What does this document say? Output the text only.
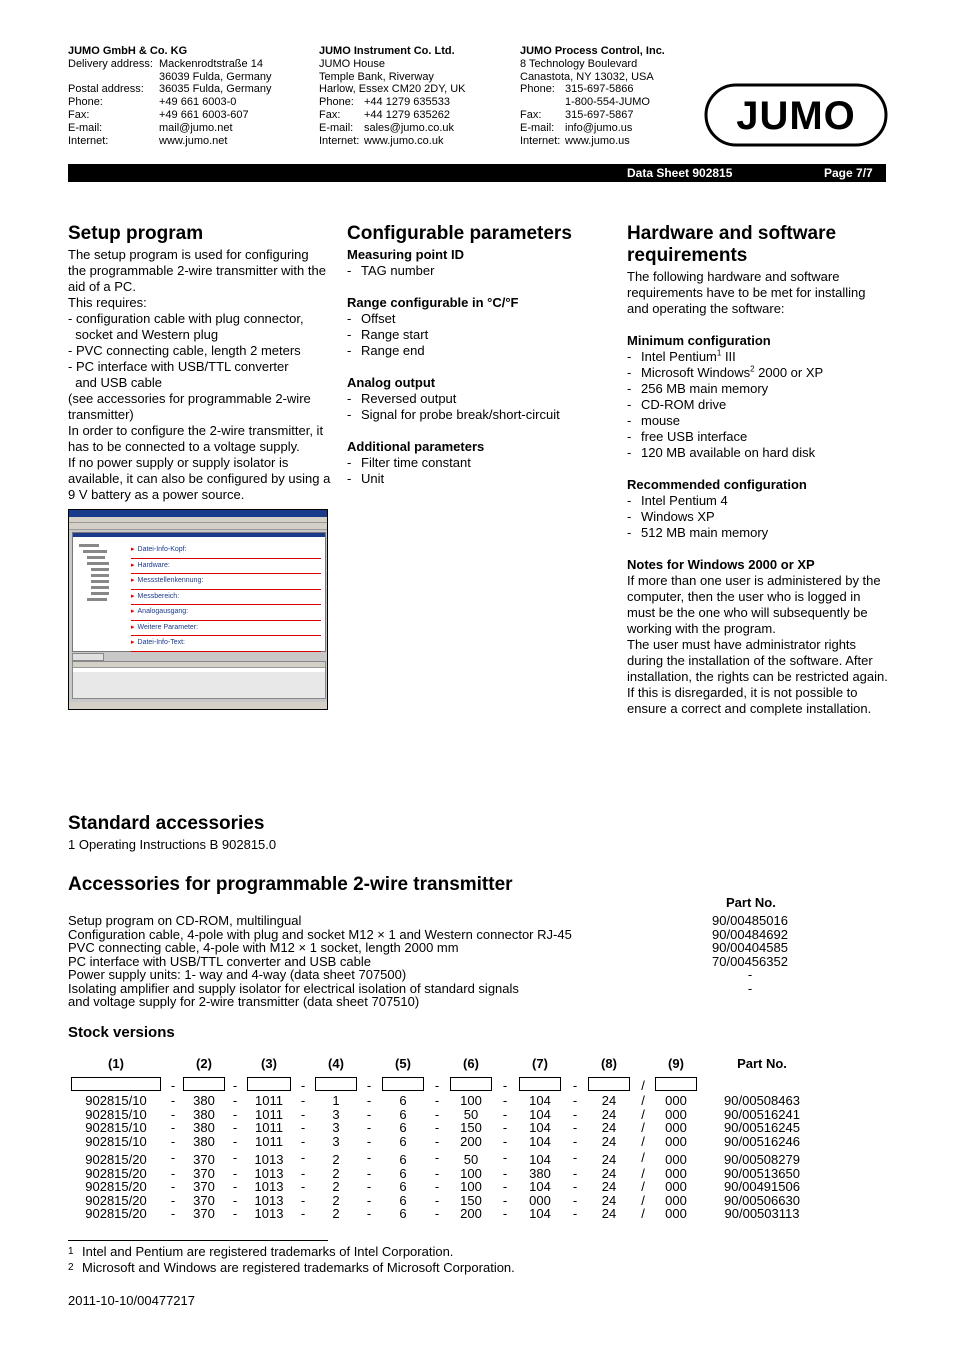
JUMO GmbH & Co. KG
Delivery address: Mackenrodtstraße 14
36039 Fulda, Germany
Postal address:	36035 Fulda, Germany
Phone:	+49 661 6003-0
Fax:	+49 661 6003-607
E-mail:	mail@jumo.net
Internet:	www.jumo.net
JUMO Instrument Co. Ltd.
JUMO House
Temple Bank, Riverway
Harlow, Essex CM20 2DY, UK
Phone: +44 1279 635533
Fax:	+44 1279 635262
E-mail: sales@jumo.co.uk
Internet: www.jumo.co.uk
JUMO Process Control, Inc.
8 Technology Boulevard
Canastota, NY 13032, USA
Phone: 315-697-5866
1-800-554-JUMO
Fax:	315-697-5867
E-mail: info@jumo.us
Internet: www.jumo.us
JUMO
Data Sheet 902815	Page 7/7
Setup program
The setup program is used for configuring
the programmable 2-wire transmitter with the
aid of a PC.
This requires:
- configuration cable with plug connector,
socket and Western plug
- PVC connecting cable, length 2 meters
- PC interface with USB/TTL converter
and USB cable
(see accessories for programmable 2-wire
transmitter)
In order to configure the 2-wire transmitter, it
has to be connected to a voltage supply.
If no power supply or supply isolator is
available, it can also be configured by using a
9 V battery as a power source.
▸ Datei-Info-Kopf:
▸ Hardware:
▸ Messstellenkennung:
▸ Messbereich:
▸ Analogausgang:
▸ Weitere Parameter:
▸ Datei-Info-Text:
Configurable parameters
Measuring point ID
- TAG number
Range configurable in °C/°F
- Offset
- Range start
- Range end
Analog output
- Reversed output
- Signal for probe break/short-circuit
Additional parameters
- Filter time constant
- Unit
Hardware and software
requirements
The following hardware and software
requirements have to be met for installing
and operating the software:
Minimum configuration
- Intel Pentium$^1$ III
- Microsoft Windows$^2$ 2000 or XP
- 256 MB main memory
- CD-ROM drive
- mouse
- free USB interface
- 120 MB available on hard disk
Recommended configuration
- Intel Pentium 4
- Windows XP
- 512 MB main memory
Notes for Windows 2000 or XP
If more than one user is administered by the
computer, then the user who is logged in
must be the one who will subsequently be
working with the program.
The user must have administrator rights
during the installation of the software. After
installation, the rights can be restricted again.
If this is disregarded, it is not possible to
ensure a correct and complete installation.
Standard accessories
1 Operating Instructions B 902815.0
Accessories for programmable 2-wire transmitter
Part No.
Setup program on CD-ROM, multilingual	90/00485016
Configuration cable, 4-pole with plug and socket M12 × 1 and Western connector RJ-45	90/00484692
PVC connecting cable, 4-pole with M12 × 1 socket, length 2000 mm	90/00404585
PC interface with USB/TTL converter and USB cable	70/00456352
Power supply units: 1- way and 4-way (data sheet 707500)	-
Isolating amplifier and supply isolator for electrical isolation of standard signals	-
and voltage supply for 2-wire transmitter (data sheet 707510)	
Stock versions
(1)		(2)		(3)		(4)		(5)		(6)		(7)		(8)		(9)		Part No.
	-		-		-		-		-		-		-		/			
902815/10	-	380	-	1011	-	1	-	6	-	100	-	104	-	24	/	000		90/00508463
902815/10	-	380	-	1011	-	3	-	6	-	50	-	104	-	24	/	000		90/00516241
902815/10	-	380	-	1011	-	3	-	6	-	150	-	104	-	24	/	000		90/00516245
902815/10	-	380	-	1011	-	3	-	6	-	200	-	104	-	24	/	000		90/00516246
902815/20	-	370	-	1013	-	2	-	6	-	50	-	104	-	24	/	000		90/00508279
902815/20	-	370	-	1013	-	2	-	6	-	100	-	380	-	24	/	000		90/00513650
902815/20	-	370	-	1013	-	2	-	6	-	100	-	104	-	24	/	000		90/00491506
902815/20	-	370	-	1013	-	2	-	6	-	150	-	000	-	24	/	000		90/00506630
902815/20	-	370	-	1013	-	2	-	6	-	200	-	104	-	24	/	000		90/00503113
1 Intel and Pentium are registered trademarks of Intel Corporation.
2 Microsoft and Windows are registered trademarks of Microsoft Corporation.
2011-10-10/00477217
